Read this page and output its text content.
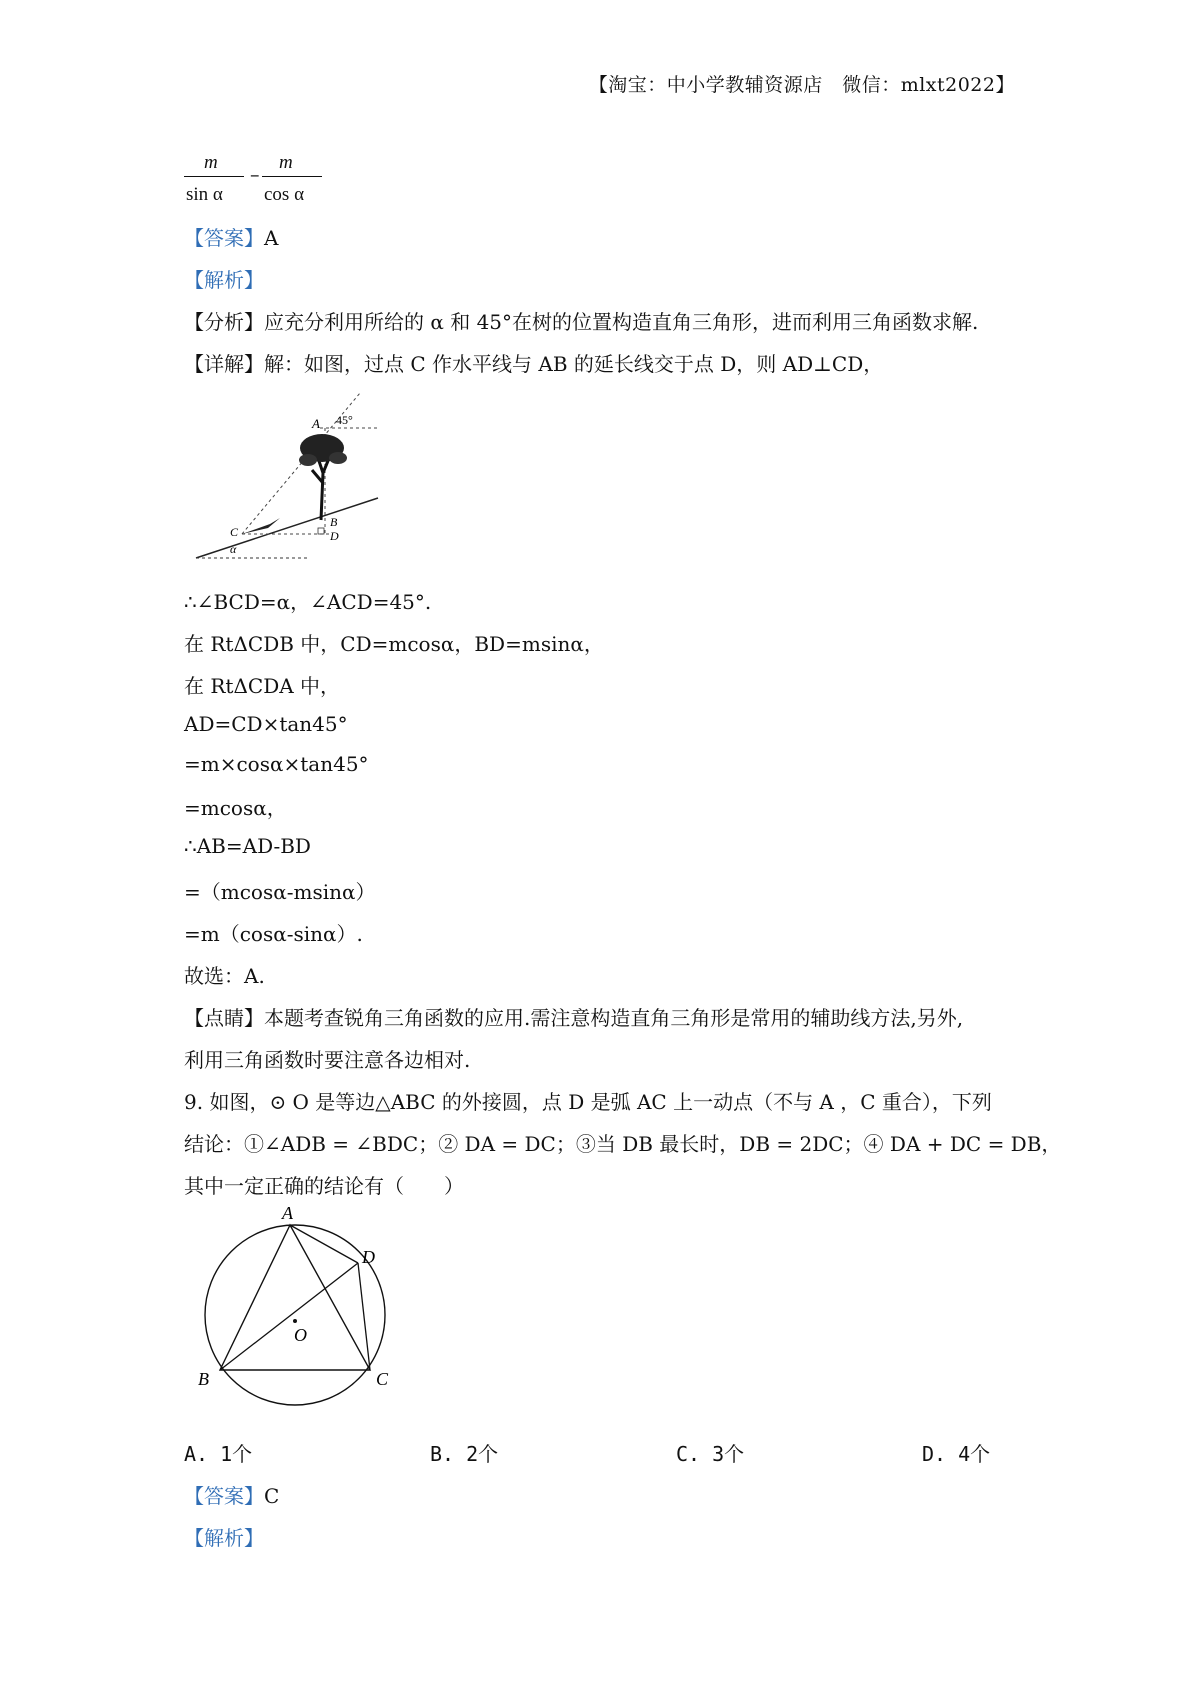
【淘宝：中小学教辅资源店　微信：mlxt2022】
m
sin α
–
m
cos α
【答案】A
【解析】
【分析】应充分利用所给的 α 和 45°在树的位置构造直角三角形，进而利用三角函数求解.
【详解】解：如图，过点 C 作水平线与 AB 的延长线交于点 D，则 AD⊥CD，
A 45°
B
D
C
α
∴∠BCD=α，∠ACD=45°.
在 RtΔCDB 中，CD=mcosα，BD=msinα，
在 RtΔCDA 中，
AD=CD×tan45°
=m×cosα×tan45°
=mcosα，
∴AB=AD-BD
=（mcosα-msinα）
=m（cosα-sinα）.
故选：A.
【点睛】本题考查锐角三角函数的应用.需注意构造直角三角形是常用的辅助线方法,另外,
利用三角函数时要注意各边相对.
9. 如图，⊙ O 是等边△ABC 的外接圆，点 D 是弧 AC 上一动点（不与 A ，C 重合），下列
结论：①∠ADB = ∠BDC；② DA = DC；③当 DB 最长时，DB = 2DC；④ DA + DC = DB，
其中一定正确的结论有（　　）
A
B	C
D
O
A. 1个	B. 2个	C. 3个	D. 4个
【答案】C
【解析】
